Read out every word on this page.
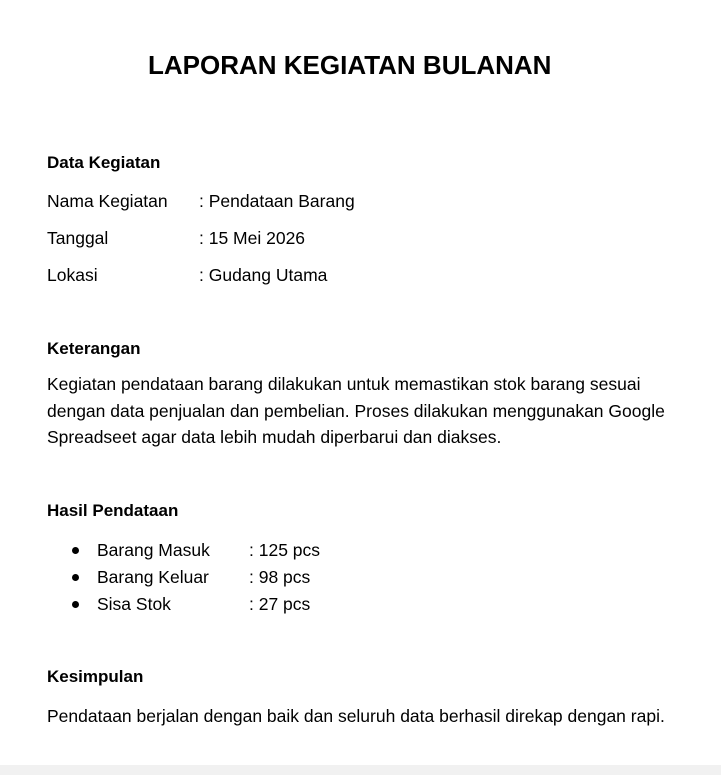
LAPORAN KEGIATAN BULANAN
Data Kegiatan
Nama Kegiatan : Pendataan Barang
Tanggal	: 15 Mei 2026
Lokasi	: Gudang Utama
Keterangan

Kegiatan pendataan barang dilakukan untuk memastikan stok barang sesuai

dengan data penjualan dan pembelian. Proses dilakukan menggunakan Google

Spreadseet agar data lebih mudah diperbarui dan diakses.

Hasil Pendataan
Barang Masuk : 125 pcs
Barang Keluar : 98 pcs
Sisa Stok	: 27 pcs
Kesimpulan

Pendataan berjalan dengan baik dan seluruh data berhasil direkap dengan rapi.
